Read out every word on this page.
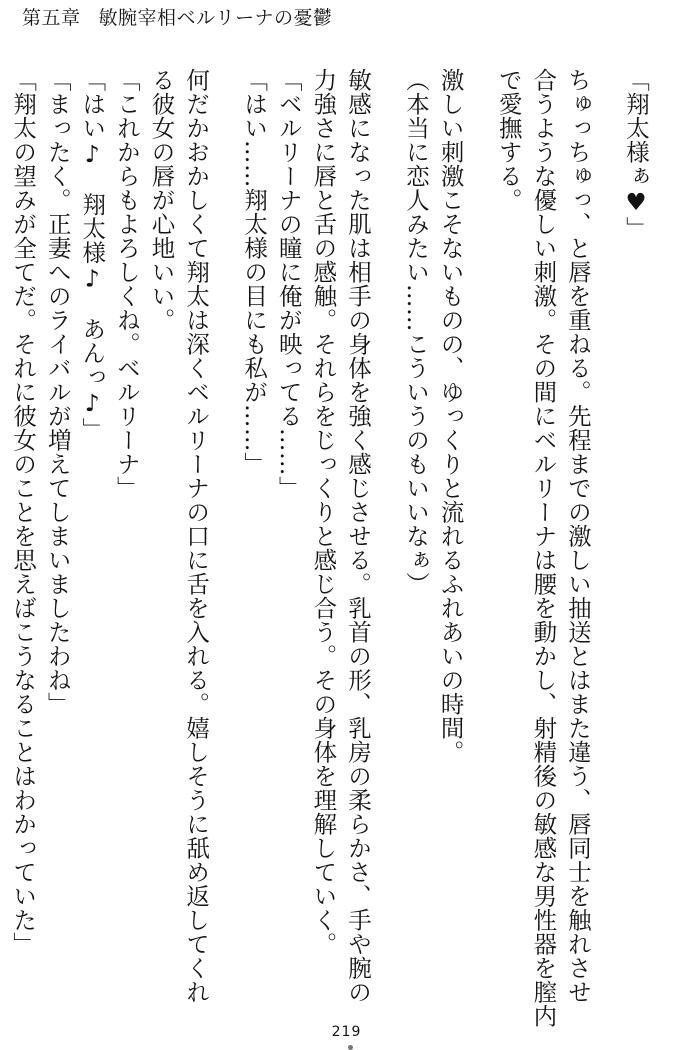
第五章 敏腕宰相ベルリーナの憂鬱
「翔太様ぁ♥」
ちゅっちゅっ、と唇を重ねる。先程までの激しい抽送とはまた違う、唇同士を触れさせ
合うような優しい刺激。その間にベルリーナは腰を動かし、射精後の敏感な男性器を膣内
で愛撫する。
激しい刺激こそないものの、ゆっくりと流れるふれあいの時間。
（本当に恋人みたい……こういうのもいいなぁ）
敏感になった肌は相手の身体を強く感じさせる。乳首の形、乳房の柔らかさ、手や腕の
力強さに唇と舌の感触。それらをじっくりと感じ合う。その身体を理解していく。
「ベルリーナの瞳に俺が映ってる……」
「はい……翔太様の目にも私が……」
何だかおかしくて翔太は深くベルリーナの口に舌を入れる。嬉しそうに舐め返してくれ
る彼女の唇が心地いい。
「これからもよろしくね。ベルリーナ」
「はい♪　翔太様♪　あんっ♪」
「まったく。正妻へのライバルが増えてしまいましたわね」
「翔太の望みが全てだ。それに彼女のことを思えばこうなることはわかっていた」
219
